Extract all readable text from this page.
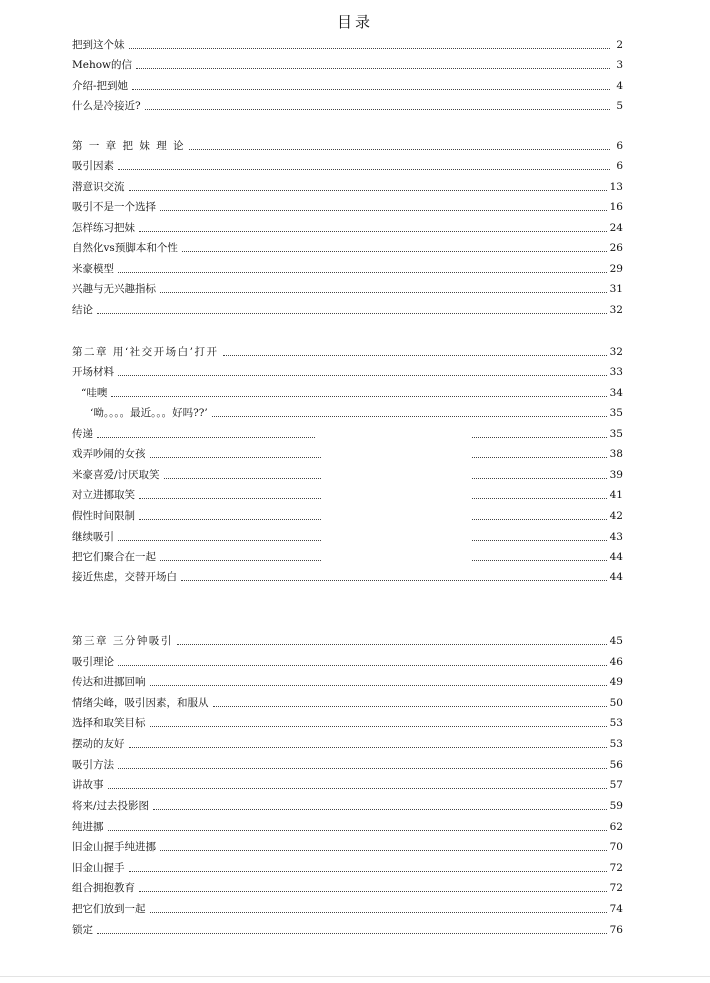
目录
把到这个妹	2
Mehow的信	3
介绍-把到她	4
什么是冷接近?	5
第 一 章 把 妹 理 论	6
吸引因素	6
潜意识交流	13
吸引不是一个选择	16
怎样练习把妹	24
自然化vs预脚本和个性	26
米豪模型	29
兴趣与无兴趣指标	31
结论	32
第二章 用‘社交开场白’打开	32
开场材料	33
“哇噢	34
‘呦。。。。最近。。。好吗??’	35
传递	35
戏弄吵闹的女孩	38
米豪喜爱/讨厌取笑	39
对立进挪取笑	41
假性时间限制	42
继续吸引	43
把它们聚合在一起	44
接近焦虑，交替开场白	44
第三章 三分钟吸引	45
吸引理论	46
传达和进挪回响	49
情绪尖峰，吸引因素，和服从	50
选择和取笑目标	53
摆动的友好	53
吸引方法	56
讲故事	57
将来/过去投影图	59
纯进挪	62
旧金山握手纯进挪	70
旧金山握手	72
组合拥抱教育	72
把它们放到一起	74
锁定	76
